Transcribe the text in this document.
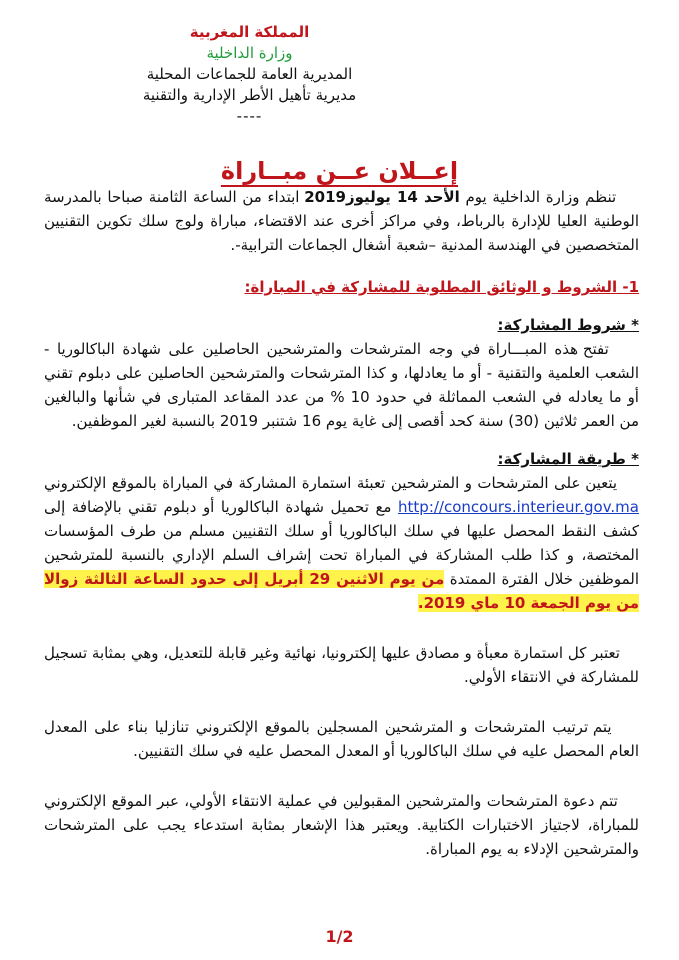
المملكة المغربية
وزارة الداخلية
المديرية العامة للجماعات المحلية
مديرية تأهيل الأطر الإدارية والتقنية
----
إعــلان عــن مبــاراة

تنظم وزارة الداخلية يوم الأحد 14 يوليوز2019 ابتداء من الساعة الثامنة صباحا بالمدرسة الوطنية العليا للإدارة بالرباط، وفي مراكز أخرى عند الاقتضاء، مباراة ولوج سلك تكوين التقنيين المتخصصين في الهندسة المدنية –شعبة أشغال الجماعات الترابية-.

1- الشروط و الوثائق المطلوبة للمشاركة في المباراة:
* شروط المشاركة:

تفتح هذه المبـــاراة في وجه المترشحات والمترشحين الحاصلين على شهادة الباكالوريا - الشعب العلمية والتقنية - أو ما يعادلها، و كذا المترشحات والمترشحين الحاصلين على دبلوم تقني أو ما يعادله في الشعب المماثلة في حدود 10 % من عدد المقاعد المتبارى في شأنها والبالغين من العمر ثلاثين (30) سنة كحد أقصى إلى غاية يوم 16 شتنبر 2019 بالنسبة لغير الموظفين.

* طريقة المشاركة:

يتعين على المترشحات و المترشحين تعبئة استمارة المشاركة في المباراة بالموقع الإلكتروني http://concours.interieur.gov.ma مع تحميل شهادة الباكالوريا أو دبلوم تقني بالإضافة إلى كشف النقط المحصل عليها في سلك الباكالوريا أو سلك التقنيين مسلم من طرف المؤسسات المختصة، و كذا طلب المشاركة في المباراة تحت إشراف السلم الإداري بالنسبة للمترشحين الموظفين خلال الفترة الممتدة من يوم الاثنين 29 أبريل إلى حدود الساعة الثالثة زوالا من يوم الجمعة 10 ماي 2019.

تعتبر كل استمارة معبأة و مصادق عليها إلكترونيا، نهائية وغير قابلة للتعديل، وهي بمثابة تسجيل للمشاركة في الانتقاء الأولي.

يتم ترتيب المترشحات و المترشحين المسجلين بالموقع الإلكتروني تنازليا بناء على المعدل العام المحصل عليه في سلك الباكالوريا أو المعدل المحصل عليه في سلك التقنيين.

تتم دعوة المترشحات والمترشحين المقبولين في عملية الانتقاء الأولي، عبر الموقع الإلكتروني للمباراة، لاجتياز الاختبارات الكتابية. ويعتبر هذا الإشعار بمثابة استدعاء يجب على المترشحات والمترشحين الإدلاء به يوم المباراة.

1/2
